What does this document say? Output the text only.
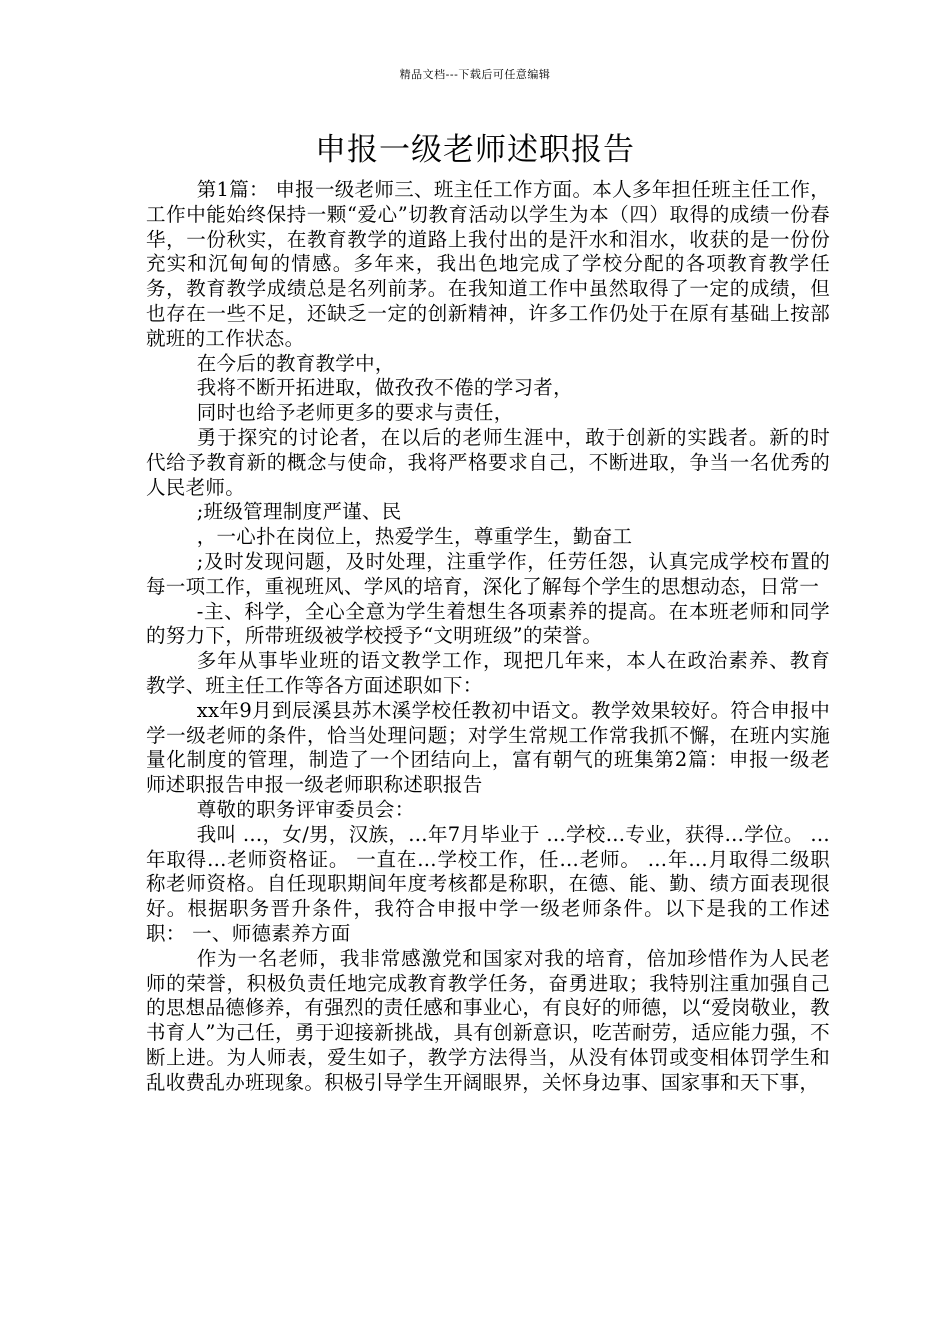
精品文档---下载后可任意编辑
申报一级老师述职报告

第1篇： 申报一级老师三、班主任工作方面。本人多年担任班主任工作，工作中能始终保持一颗“爱心”切教育活动以学生为本（四）取得的成绩一份春华，一份秋实，在教育教学的道路上我付出的是汗水和泪水，收获的是一份份充实和沉甸甸的情感。多年来，我出色地完成了学校分配的各项教育教学任务，教育教学成绩总是名列前茅。在我知道工作中虽然取得了一定的成绩，但也存在一些不足，还缺乏一定的创新精神，许多工作仍处于在原有基础上按部就班的工作状态。

在今后的教育教学中，

我将不断开拓进取，做孜孜不倦的学习者，

同时也给予老师更多的要求与责任，

勇于探究的讨论者，在以后的老师生涯中，敢于创新的实践者。新的时代给予教育新的概念与使命，我将严格要求自己，不断进取，争当一名优秀的人民老师。

;班级管理制度严谨、民

，一心扑在岗位上，热爱学生，尊重学生，勤奋工

;及时发现问题，及时处理，注重学作，任劳任怨，认真完成学校布置的每一项工作，重视班风、学风的培育，深化了解每个学生的思想动态，日常一

-主、科学，全心全意为学生着想生各项素养的提高。在本班老师和同学的努力下，所带班级被学校授予“文明班级”的荣誉。

多年从事毕业班的语文教学工作，现把几年来，本人在政治素养、教育教学、班主任工作等各方面述职如下：

xx年9月到辰溪县苏木溪学校任教初中语文。教学效果较好。符合申报中学一级老师的条件，恰当处理问题；对学生常规工作常我抓不懈，在班内实施量化制度的管理，制造了一个团结向上，富有朝气的班集第2篇：申报一级老师述职报告申报一级老师职称述职报告

尊敬的职务评审委员会：

我叫 …，女/男，汉族，…年7月毕业于 …学校…专业，获得…学位。 …年取得…老师资格证。 一直在…学校工作，任…老师。 …年…月取得二级职称老师资格。自任现职期间年度考核都是称职，在德、能、勤、绩方面表现很好。根据职务晋升条件，我符合申报中学一级老师条件。以下是我的工作述职： 一、师德素养方面

作为一名老师，我非常感激党和国家对我的培育，倍加珍惜作为人民老师的荣誉，积极负责任地完成教育教学任务，奋勇进取；我特别注重加强自己的思想品德修养，有强烈的责任感和事业心，有良好的师德，以“爱岗敬业，教书育人”为己任，勇于迎接新挑战，具有创新意识，吃苦耐劳，适应能力强，不断上进。为人师表，爱生如子，教学方法得当，从没有体罚或变相体罚学生和乱收费乱办班现象。积极引导学生开阔眼界，关怀身边事、国家事和天下事，
